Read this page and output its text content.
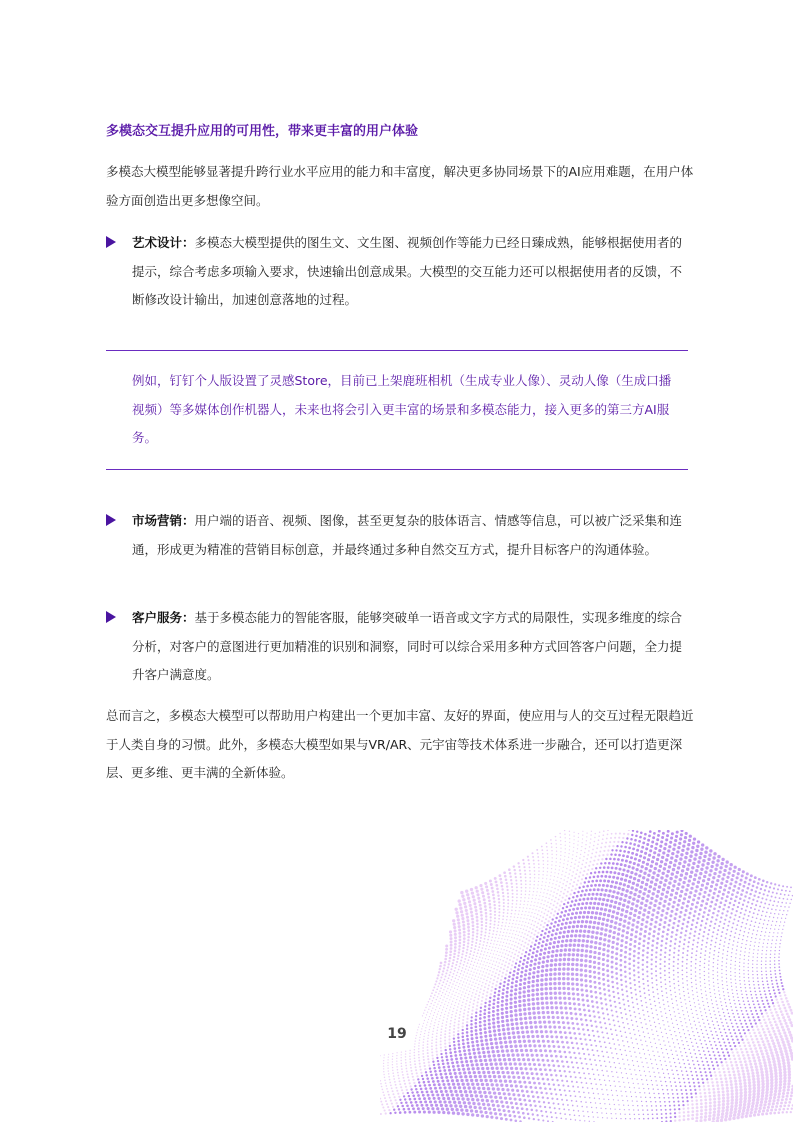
多模态交互提升应用的可用性，带来更丰富的用户体验
多模态大模型能够显著提升跨行业水平应用的能力和丰富度，解决更多协同场景下的AI应用难题，在用户体验方面创造出更多想像空间。
艺术设计：多模态大模型提供的图生文、文生图、视频创作等能力已经日臻成熟，能够根据使用者的提示，综合考虑多项输入要求，快速输出创意成果。大模型的交互能力还可以根据使用者的反馈，不断修改设计输出，加速创意落地的过程。
例如，钉钉个人版设置了灵感Store，目前已上架鹿班相机（生成专业人像）、灵动人像（生成口播视频）等多媒体创作机器人，未来也将会引入更丰富的场景和多模态能力，接入更多的第三方AI服务。
市场营销：用户端的语音、视频、图像，甚至更复杂的肢体语言、情感等信息，可以被广泛采集和连通，形成更为精准的营销目标创意，并最终通过多种自然交互方式，提升目标客户的沟通体验。
客户服务：基于多模态能力的智能客服，能够突破单一语音或文字方式的局限性，实现多维度的综合分析，对客户的意图进行更加精准的识别和洞察，同时可以综合采用多种方式回答客户问题，全力提升客户满意度。
总而言之，多模态大模型可以帮助用户构建出一个更加丰富、友好的界面，使应用与人的交互过程无限趋近于人类自身的习惯。此外，多模态大模型如果与VR/AR、元宇宙等技术体系进一步融合，还可以打造更深层、更多维、更丰满的全新体验。
19
